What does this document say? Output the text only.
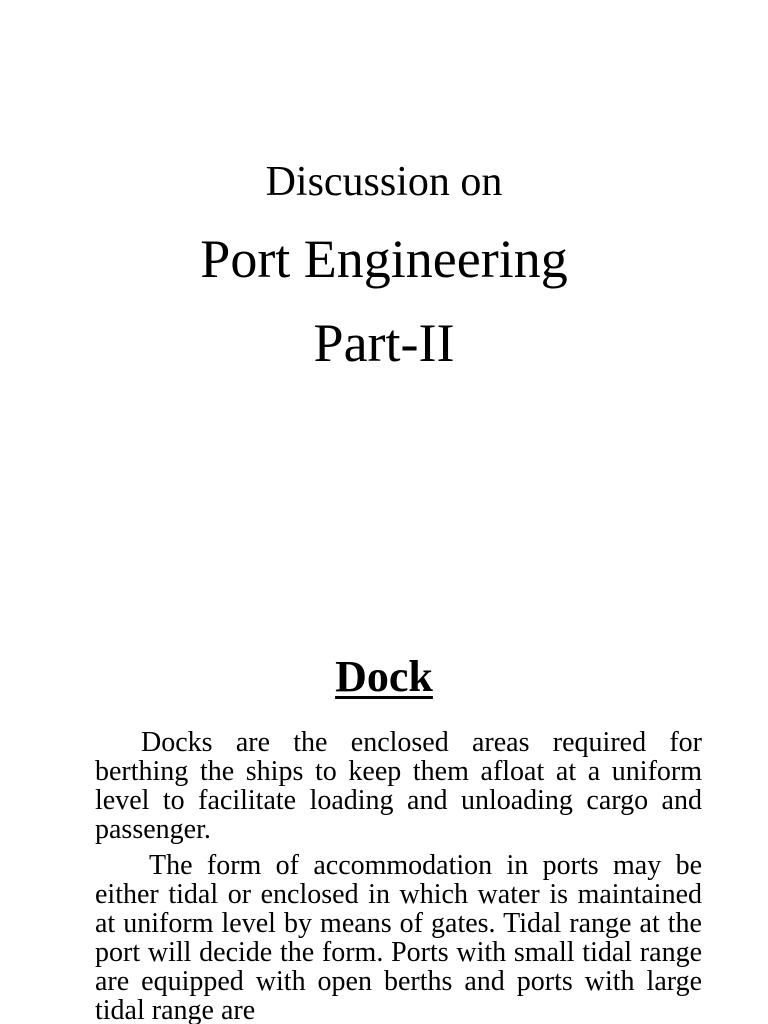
Discussion on
Port Engineering
Part-II
Dock

Docks are the enclosed areas required for berthing the ships to keep them afloat at a uniform level to facilitate loading and unloading cargo and passenger.

The form of accommodation in ports may be either tidal or enclosed in which water is maintained at uniform level by means of gates. Tidal range at the port will decide the form. Ports with small tidal range are equipped with open berths and ports with large tidal range are
